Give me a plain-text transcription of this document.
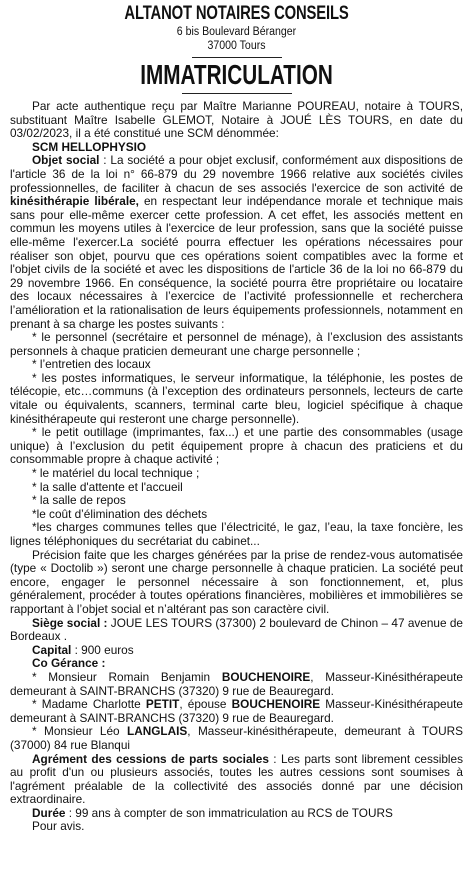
ALTANOT NOTAIRES CONSEILS

6 bis Boulevard Béranger

37000 Tours

IMMATRICULATION

Par acte authentique reçu par Maître Marianne POUREAU, notaire à TOURS, substituant Maître Isabelle GLEMOT, Notaire à JOUÉ LÈS TOURS, en date du 03/02/2023, il a été constitué une SCM dénommée:

SCM HELLOPHYSIO

Objet social : La société a pour objet exclusif, conformément aux dispositions de l'article 36 de la loi n° 66-879 du 29 novembre 1966 relative aux sociétés civiles professionnelles, de faciliter à chacun de ses associés l'exercice de son activité de kinésithérapie libérale, en respectant leur indépendance morale et technique mais sans pour elle-même exercer cette profession. A cet effet, les associés mettent en commun les moyens utiles à l'exercice de leur profession, sans que la société puisse elle-même l'exercer.La société pourra effectuer les opérations nécessaires pour réaliser son objet, pourvu que ces opérations soient compatibles avec la forme et l'objet civils de la société et avec les dispositions de l'article 36 de la loi no 66-879 du 29 novembre 1966. En conséquence, la société pourra être propriétaire ou locataire des locaux nécessaires à l’exercice de l’activité professionnelle et recherchera l’amélioration et la rationalisation de leurs équipements professionnels, notamment en prenant à sa charge les postes suivants :

* le personnel (secrétaire et personnel de ménage), à l’exclusion des assistants personnels à chaque praticien demeurant une charge personnelle ;

* l’entretien des locaux

* les postes informatiques, le serveur informatique, la téléphonie, les postes de télécopie, etc…communs (à l’exception des ordinateurs personnels, lecteurs de carte vitale ou équivalents, scanners, terminal carte bleu, logiciel spécifique à chaque kinésithérapeute qui resteront une charge personnelle).

* le petit outillage (imprimantes, fax...) et une partie des consommables (usage unique) à l’exclusion du petit équipement propre à chacun des praticiens et du consommable propre à chaque activité ;

* le matériel du local technique ;

* la salle d'attente et l'accueil

* la salle de repos

*le coût d’élimination des déchets

*les charges communes telles que l’électricité, le gaz, l’eau, la taxe foncière, les lignes téléphoniques du secrétariat du cabinet...

Précision faite que les charges générées par la prise de rendez-vous automatisée (type « Doctolib ») seront une charge personnelle à chaque praticien. La société peut encore, engager le personnel nécessaire à son fonctionnement, et, plus généralement, procéder à toutes opérations financières, mobilières et immobilières se rapportant à l’objet social et n’altérant pas son caractère civil.

Siège social : JOUE LES TOURS (37300) 2 boulevard de Chinon – 47 avenue de Bordeaux .

Capital : 900 euros

Co Gérance :

* Monsieur Romain Benjamin BOUCHENOIRE, Masseur-Kinésithérapeute demeurant à SAINT-BRANCHS (37320) 9 rue de Beauregard.

* Madame Charlotte PETIT, épouse BOUCHENOIRE Masseur-Kinésithérapeute demeurant à SAINT-BRANCHS (37320) 9 rue de Beauregard.

* Monsieur Léo LANGLAIS, Masseur-kinésithérapeute, demeurant à TOURS (37000) 84 rue Blanqui

Agrément des cessions de parts sociales : Les parts sont librement cessibles au profit d'un ou plusieurs associés, toutes les autres cessions sont soumises à l'agrément préalable de la collectivité des associés donné par une décision extraordinaire.

Durée : 99 ans à compter de son immatriculation au RCS de TOURS

Pour avis.
